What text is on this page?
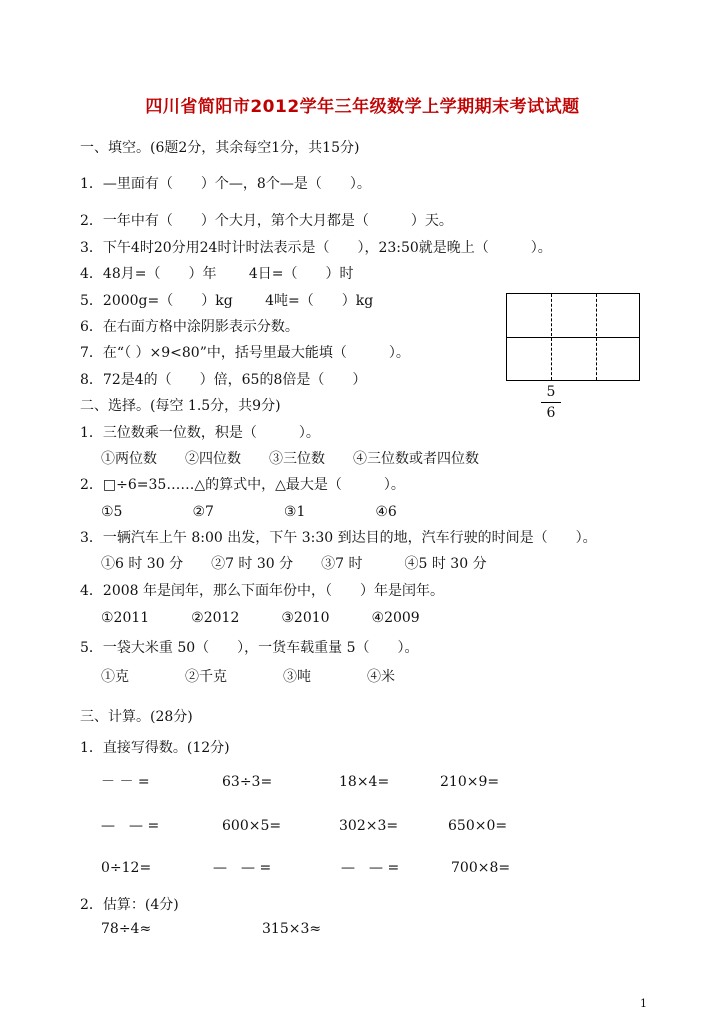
四川省简阳市2012学年三年级数学上学期期末考试试题
一、填空。(6题2分，其余每空1分，共15分)
1．—里面有（　　）个—，8个—是（　　）。
2．一年中有（　　）个大月，第个大月都是（　　　）天。
3．下午4时20分用24时计时法表示是（　　），23:50就是晚上（　　　）。
4．48月=（　　）年　　 4日=（　　）时
5．2000g=（　　）kg　　 4吨=（　　）kg
6．在右面方格中涂阴影表示分数。
7．在“（ ）×9<80”中，括号里最大能填（　　　）。
8．72是4的（　　）倍，65的8倍是（　　）
5
6
二、选择。(每空 1.5分，共9分)
1．三位数乘一位数，积是（　　　）。
①两位数　　②四位数　　③三位数　　④三位数或者四位数
2．□÷6=35……△的算式中，△最大是（　　　）。
①5　　　　　②7　　　　　③1　　　　　④6
3．一辆汽车上午 8:00 出发，下午 3:30 到达目的地，汽车行驶的时间是（　　）。
①6 时 30 分　　②7 时 30 分　　③7 时　　　④5 时 30 分
4．2008 年是闰年，那么下面年份中，（　　）年是闰年。
①2011　　　②2012　　　③2010　　　④2009
5．一袋大米重 50（　　），一货车载重量 5（　　）。
①克　　　　②千克　　　　③吨　　　　④米
三、计算。(28分)
1．直接写得数。(12分)
－ － =	63÷3=	18×4=	210×9=
—　— =	600×5=	302×3=	650×0=
0÷12=	—　— =	—　— =	700×8=
2．估算：(4分)
78÷4≈	315×3≈
1
